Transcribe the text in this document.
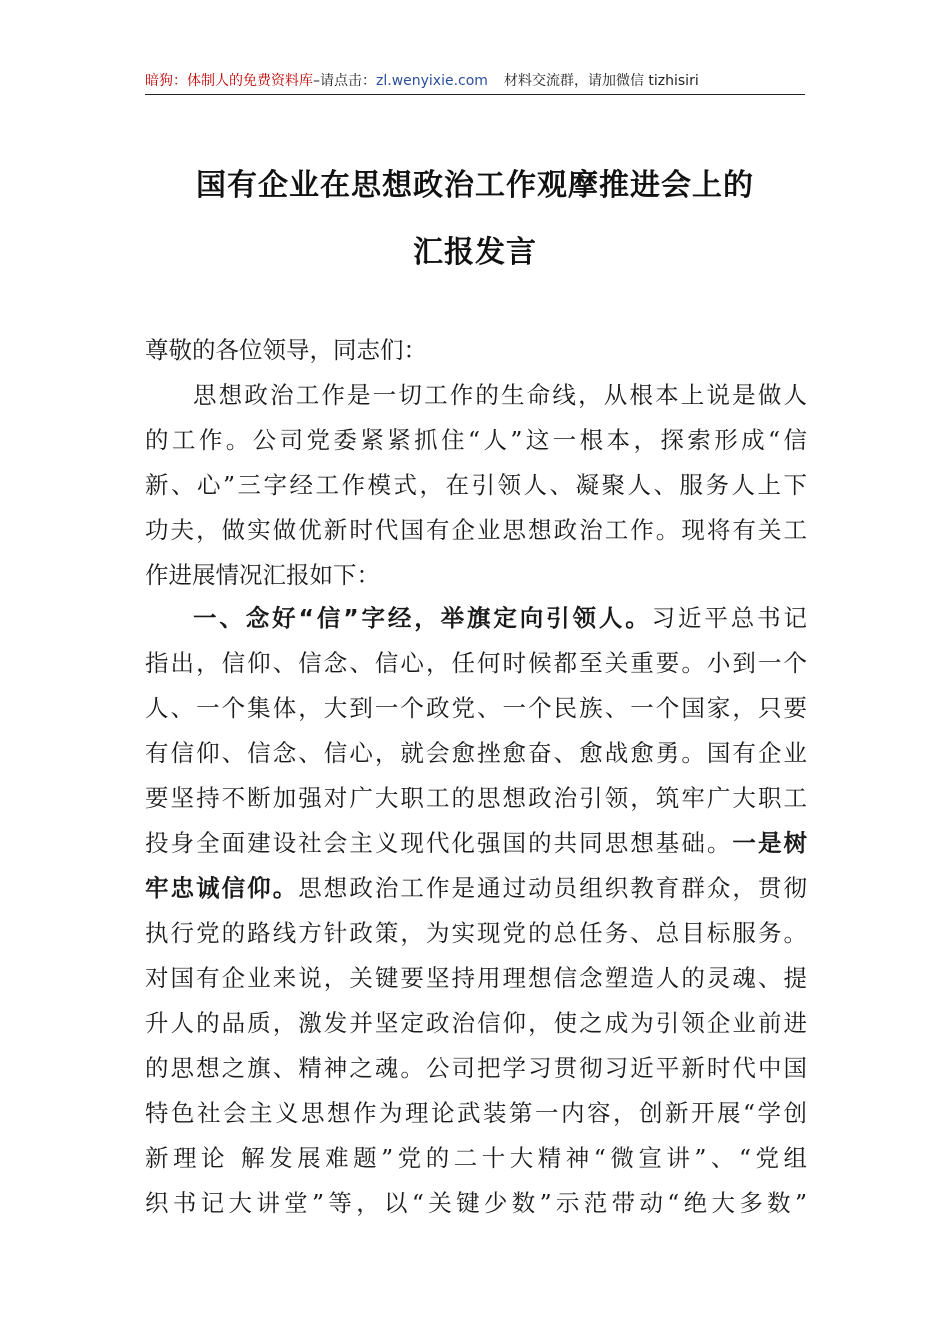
暗狗：体制人的免费资料库–请点击：zl.wenyixie.com 材料交流群，请加微信 tizhisiri
国有企业在思想政治工作观摩推进会上的
汇报发言
尊敬的各位领导，同志们：
思想政治工作是一切工作的生命线，从根本上说是做人
的工作。公司党委紧紧抓住“人”这一根本，探索形成“信
新、心”三字经工作模式，在引领人、凝聚人、服务人上下
功夫，做实做优新时代国有企业思想政治工作。现将有关工
作进展情况汇报如下：
一、念好“信”字经，举旗定向引领人。习近平总书记
指出，信仰、信念、信心，任何时候都至关重要。小到一个
人、一个集体，大到一个政党、一个民族、一个国家，只要
有信仰、信念、信心，就会愈挫愈奋、愈战愈勇。国有企业
要坚持不断加强对广大职工的思想政治引领，筑牢广大职工
投身全面建设社会主义现代化强国的共同思想基础。一是树
牢忠诚信仰。思想政治工作是通过动员组织教育群众，贯彻
执行党的路线方针政策，为实现党的总任务、总目标服务。
对国有企业来说，关键要坚持用理想信念塑造人的灵魂、提
升人的品质，激发并坚定政治信仰，使之成为引领企业前进
的思想之旗、精神之魂。公司把学习贯彻习近平新时代中国
特色社会主义思想作为理论武装第一内容，创新开展“学创
新理论 解发展难题”党的二十大精神“微宣讲”、“党组
织书记大讲堂”等，以“关键少数”示范带动“绝大多数”
